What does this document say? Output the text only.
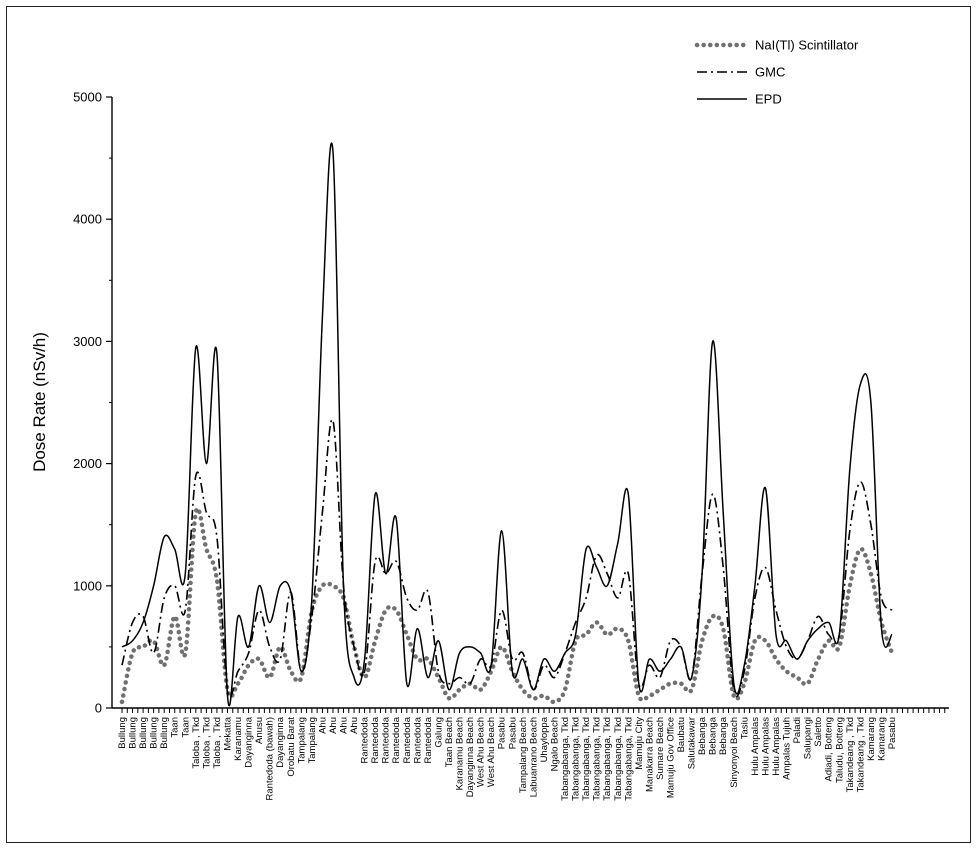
0
1000
2000
3000
4000
5000
Bullung Bullung Bullung Bullung Bullung Taan Taan Taloba , Tkd Taloba , Tkd Taloba , Tkd Mekatta Karanamu Dayanginna Anusu Rantedoda (bawah) Dayanginna Orobatu Barat Tampalang Tampalang Ahu Ahu Ahu Ahu Rantedoda Rantedoda Rantedoda Rantedoda Rantedoda Rantedoda Rantedoda Galung Taan Beach Karanamu Beach Dayanginna Beach West Ahu Beach West Ahu Beach Pasabu Pasabu Tampalang Beach Labuanrano Beach Uhayloppa Ngalo Beach Tabangabanga, Tkd Tabangabanga, Tkd Tabangabanga, Tkd Tabangabanga, Tkd Tabangabanga, Tkd Tabangabanga, Tkd Tabangabanga, Tkd Mamuju City Manakarra Beach Sumare Beach Mamuju Gov Office Baubatu Salutakawar Bebanga Bebanga Bebanga Sinyonyoi Beach Tasiu Hulu Ampalas Hulu Ampalas Hulu Ampalas Ampalas Tujuh Paladi Salupangi Saletto Adiadi, Botteng Taludu, Botteng Takandeang , Tkd Takandeang , Tkd Kamarang Kamarang Pasabu
Dose Rate (nSv/h)
NaI(Tl) Scintillator
GMC
EPD
